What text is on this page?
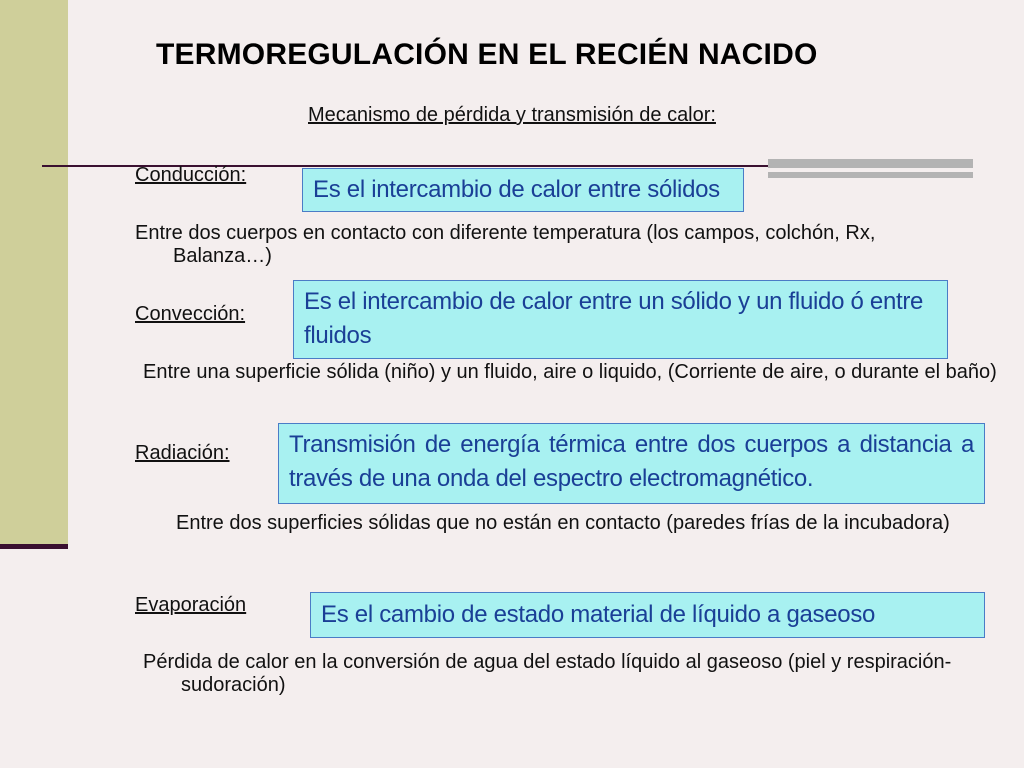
TERMOREGULACIÓN EN EL RECIÉN NACIDO
Mecanismo de pérdida y transmisión de calor:
Conducción:
Es el intercambio de calor entre sólidos
Entre dos cuerpos en contacto con diferente temperatura (los campos, colchón, Rx, Balanza…)
Convección:	Es el intercambio de calor entre un sólido y un fluido ó entre fluidos
Entre una superficie sólida (niño) y un fluido, aire o liquido, (Corriente de aire, o durante el baño)
Radiación:	Transmisión de energía térmica entre dos cuerpos a distancia a través de una onda del espectro electromagnético.
Entre dos superficies sólidas que no están en contacto (paredes frías de la incubadora)
Evaporación	Es el cambio de estado material de líquido a gaseoso
Pérdida de calor en la conversión de agua del estado líquido al gaseoso (piel y respiración- sudoración)
